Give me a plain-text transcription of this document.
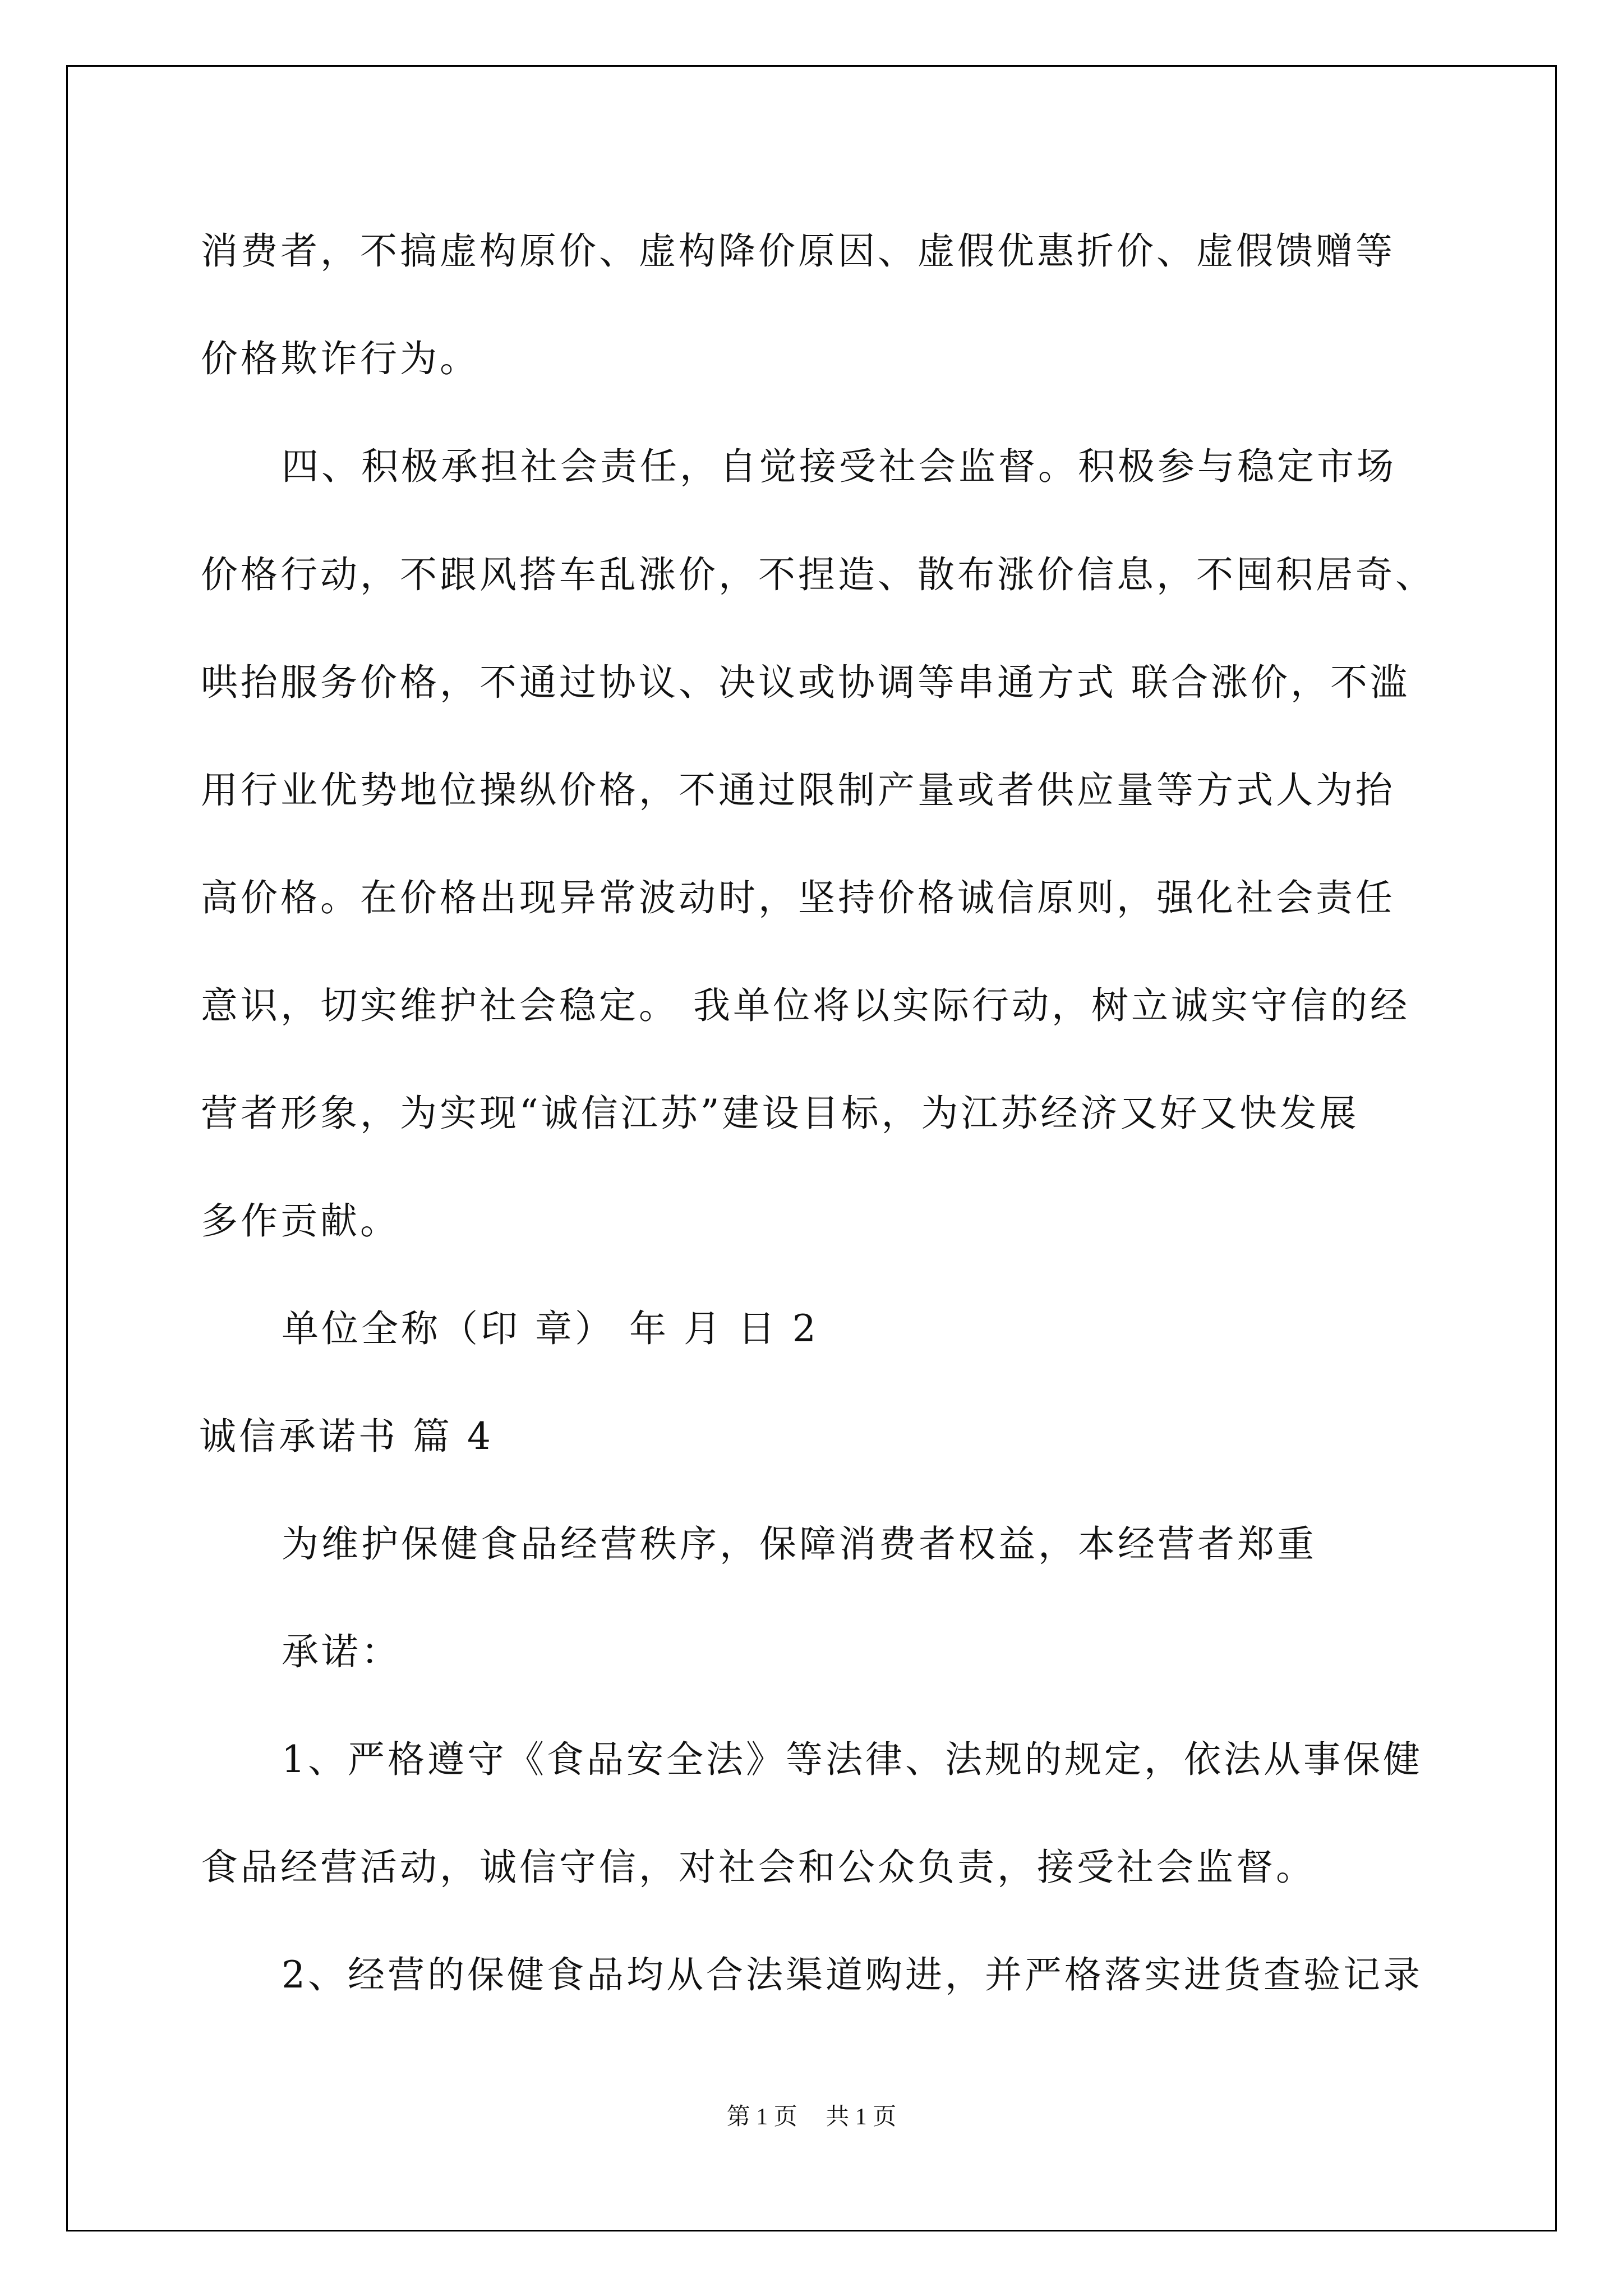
消费者，不搞虚构原价、虚构降价原因、虚假优惠折价、虚假馈赠等
价格欺诈行为。
四、积极承担社会责任，自觉接受社会监督。积极参与稳定市场
价格行动，不跟风搭车乱涨价，不捏造、散布涨价信息，不囤积居奇、
哄抬服务价格，不通过协议、决议或协调等串通方式 联合涨价，不滥
用行业优势地位操纵价格，不通过限制产量或者供应量等方式人为抬
高价格。在价格出现异常波动时，坚持价格诚信原则，强化社会责任
意识，切实维护社会稳定。 我单位将以实际行动，树立诚实守信的经
营者形象，为实现“诚信江苏”建设目标，为江苏经济又好又快发展
多作贡献。
单位全称（印 章） 年 月 日 2
诚信承诺书 篇 4
为维护保健食品经营秩序，保障消费者权益，本经营者郑重
承诺：
1、严格遵守《食品安全法》等法律、法规的规定，依法从事保健
食品经营活动，诚信守信，对社会和公众负责，接受社会监督。
2、经营的保健食品均从合法渠道购进，并严格落实进货查验记录
第 1 页 共 1 页
